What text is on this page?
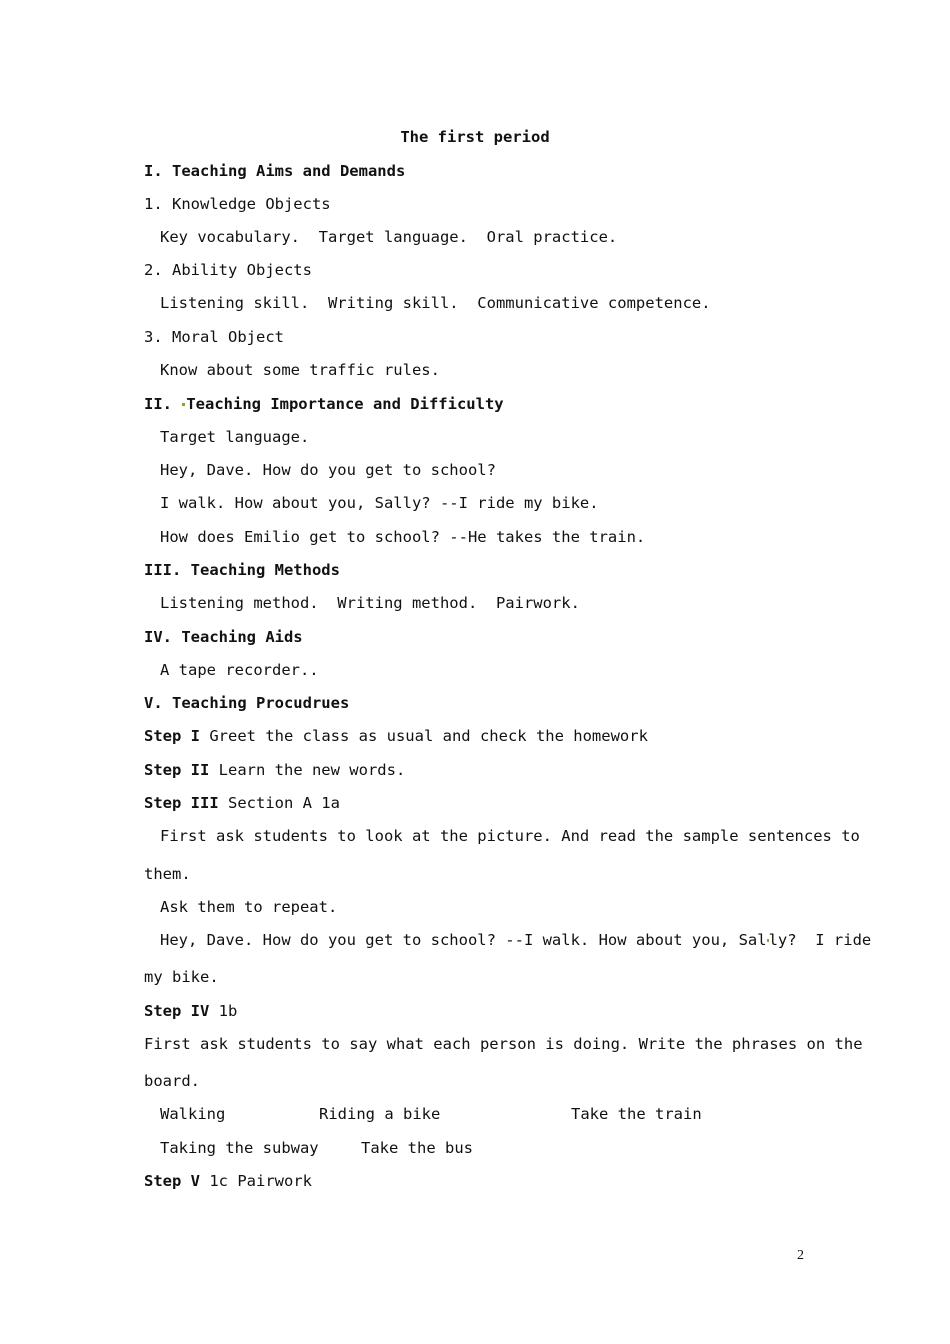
The first period
I. Teaching Aims and Demands
1. Knowledge Objects
Key vocabulary.  Target language.  Oral practice.
2. Ability Objects
Listening skill.  Writing skill.  Communicative competence.
3. Moral Object
Know about some traffic rules.
II. Teaching Importance and Difficulty
Target language.
Hey, Dave. How do you get to school?
I walk. How about you, Sally? --I ride my bike.
How does Emilio get to school? --He takes the train.
III. Teaching Methods
Listening method.  Writing method.  Pairwork.
IV. Teaching Aids
A tape recorder..
V. Teaching Procudrues
Step I Greet the class as usual and check the homework
Step II Learn the new words.
Step III Section A 1a
First ask students to look at the picture. And read the sample sentences to
them.
Ask them to repeat.
Hey, Dave. How do you get to school? --I walk. How about you, Sal ly?  I ride
my bike.
Step IV 1b
First ask students to say what each person is doing. Write the phrases on the
board.
Walking	Riding a bike	Take the train
Taking the subway	Take the bus
Step V 1c Pairwork
2
